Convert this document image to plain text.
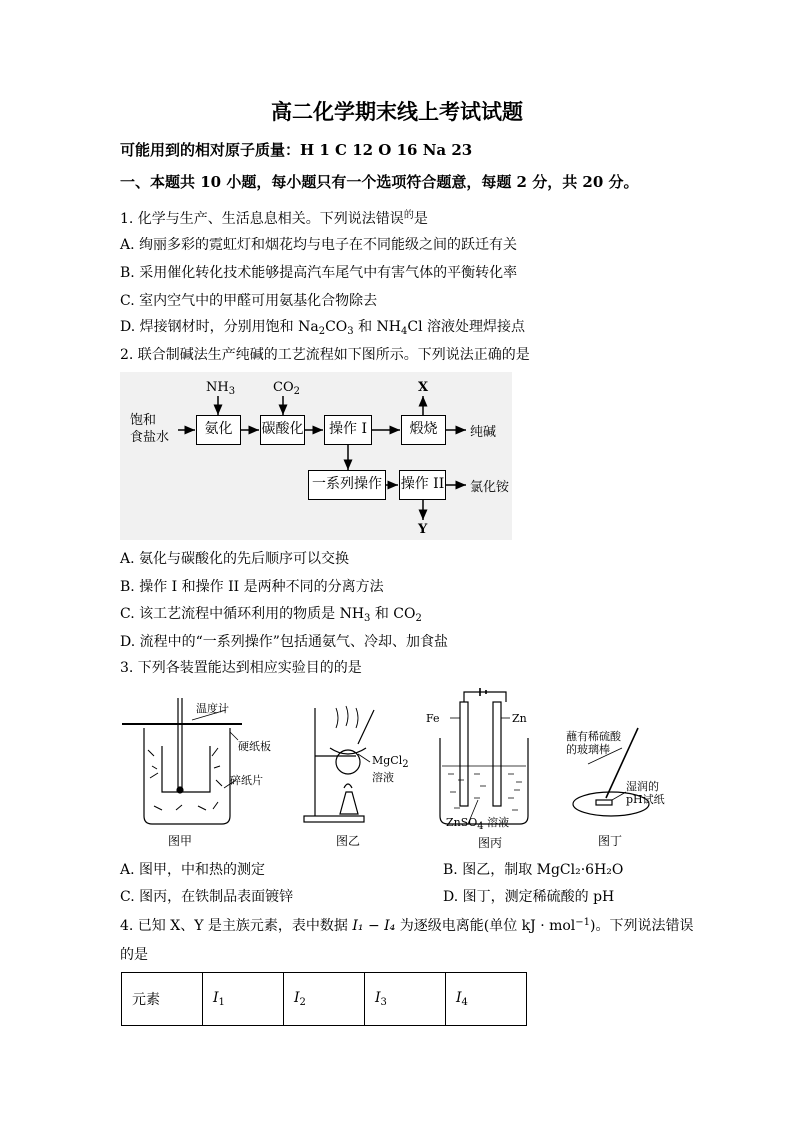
高二化学期末线上考试试题
可能用到的相对原子质量：H 1 C 12 O 16 Na 23
一、本题共 10 小题，每小题只有一个选项符合题意，每题 2 分，共 20 分。
1. 化学与生产、生活息息相关。下列说法错误$^的$是
A. 绚丽多彩的霓虹灯和烟花均与电子在不同能级之间的跃迁有关
B. 采用催化转化技术能够提高汽车尾气中有害气体的平衡转化率
C. 室内空气中的甲醛可用氨基化合物除去
D. 焊接钢材时，分别用饱和 $Na_2CO_3$ 和 $NH_4Cl$ 溶液处理焊接点
2. 联合制碱法生产纯碱的工艺流程如下图所示。下列说法正确的是
饱和
食盐水
$NH_3$	$CO_2$	X
氨化	碳酸化	操作 I	煅烧	纯碱
一系列操作 操作 II 氯化铵
Y
A. 氨化与碳酸化的先后顺序可以交换
B. 操作 I 和操作 II 是两种不同的分离方法
C. 该工艺流程中循环利用的物质是 $NH_3$ 和 $CO_2$
D. 流程中的“一系列操作”包括通氨气、冷却、加食盐
3. 下列各装置能达到相应实验目的的是
温度计
硬纸板
碎纸片
图甲
MgCl$_2$
溶液
图乙
Fe	Zn
ZnSO$_4$ 溶液
图丙
蘸有稀硫酸
的玻璃棒
湿润的
pH试纸
图丁
A. 图甲，中和热的测定	B. 图乙，制取 MgCl₂·6H₂O
C. 图丙，在铁制品表面镀锌	D. 图丁，测定稀硫酸的 pH
4. 已知 X、Y 是主族元素，表中数据 I₁ − I₄ 为逐级电离能(单位 kJ · mol$^{-1}$)。下列说法错误
的是
元素	$I_1$	$I_2$	$I_3$	$I_4$
